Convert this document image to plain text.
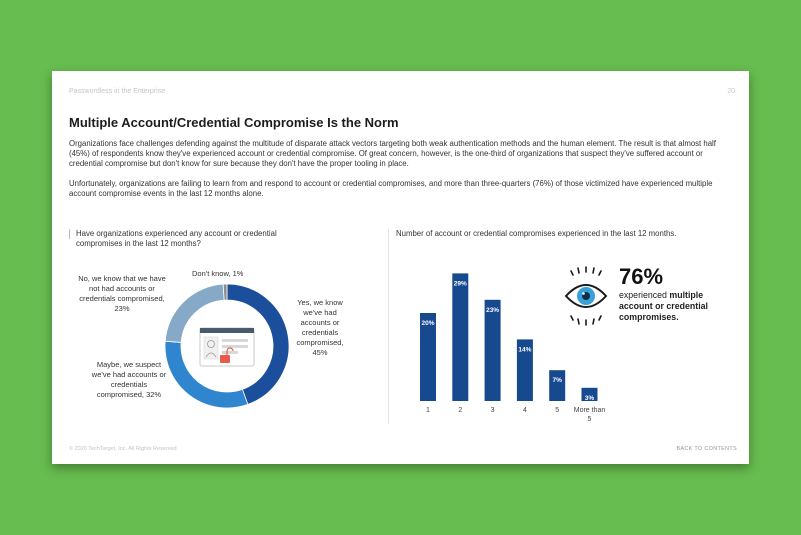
Passwordless in the Enterprise	20
Multiple Account/Credential Compromise Is the Norm

Organizations face challenges defending against the multitude of disparate attack vectors targeting both weak authentication methods and the human element. The result is that almost half (45%) of respondents know they've experienced account or credential compromise. Of great concern, however, is the one-third of organizations that suspect they've suffered account or credential compromise but don't know for sure because they don't have the proper tooling in place.

Unfortunately, organizations are failing to learn from and respond to account or credential compromises, and more than three-quarters (76%) of those victimized have experienced multiple account compromise events in the last 12 months alone.

Have organizations experienced any account or credential compromises in the last 12 months?
Don't know, 1%
No, we know that we have not had accounts or credentials compromised, 23%
Yes, we know we've had accounts or credentials compromised, 45%
Maybe, we suspect we've had accounts or credentials compromised, 32%
Number of account or credential compromises experienced in the last 12 months.
20%
1
29%
2
23%
3
14%
4
7%
5
3%
More than
5
76%
experienced multiple account or credential compromises.
© 2020 TechTarget, Inc. All Rights Reserved	BACK TO CONTENTS
